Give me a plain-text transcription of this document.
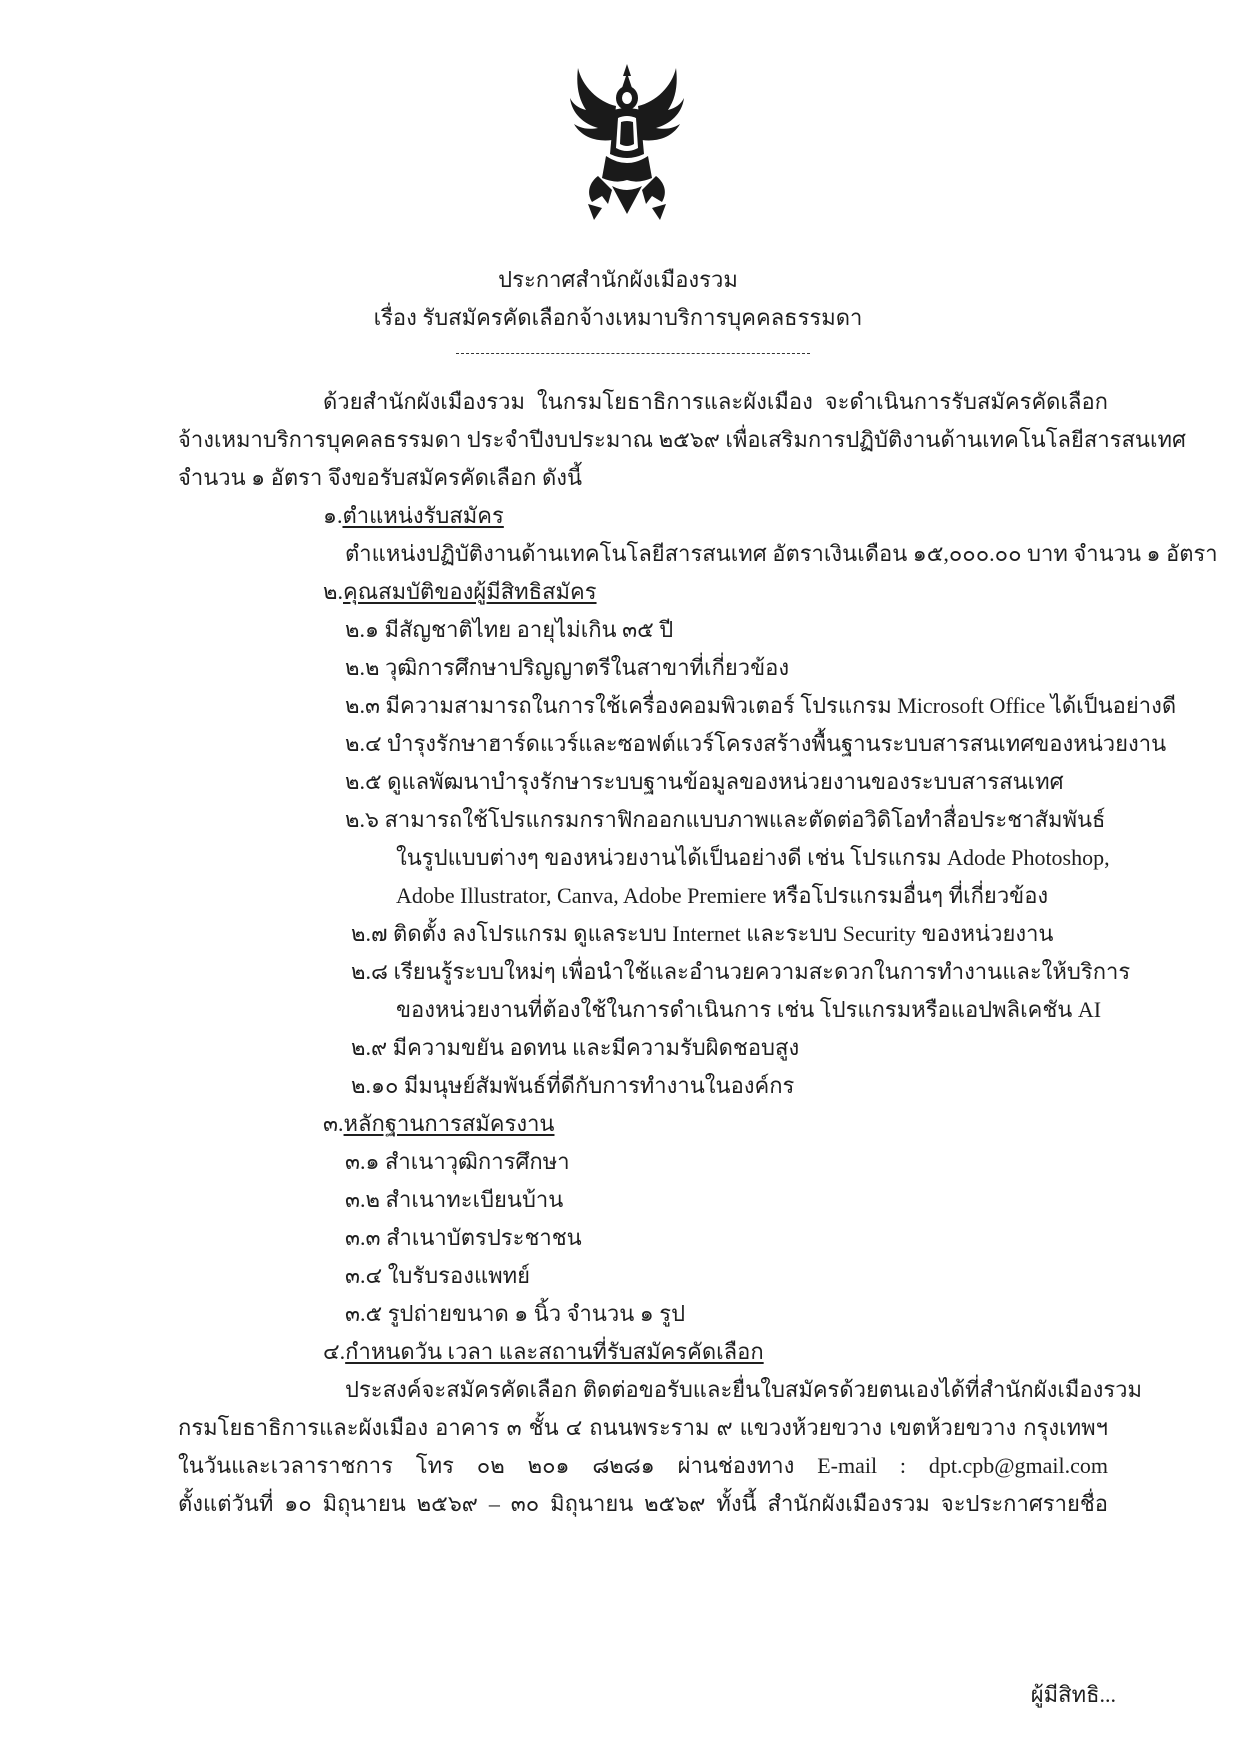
ประกาศสำนักผังเมืองรวม
เรื่อง รับสมัครคัดเลือกจ้างเหมาบริการบุคคลธรรมดา
ด้วยสำนักผังเมืองรวม ในกรมโยธาธิการและผังเมือง จะดำเนินการรับสมัครคัดเลือก
จ้างเหมาบริการบุคคลธรรมดา ประจำปีงบประมาณ ๒๕๖๙ เพื่อเสริมการปฏิบัติงานด้านเทคโนโลยีสารสนเทศ
จำนวน ๑ อัตรา จึงขอรับสมัครคัดเลือก ดังนี้
๑.ตำแหน่งรับสมัคร
ตำแหน่งปฏิบัติงานด้านเทคโนโลยีสารสนเทศ อัตราเงินเดือน ๑๕,๐๐๐.๐๐ บาท จำนวน ๑ อัตรา
๒.คุณสมบัติของผู้มีสิทธิสมัคร
๒.๑ มีสัญชาติไทย อายุไม่เกิน ๓๕ ปี
๒.๒ วุฒิการศึกษาปริญญาตรีในสาขาที่เกี่ยวข้อง
๒.๓ มีความสามารถในการใช้เครื่องคอมพิวเตอร์ โปรแกรม Microsoft Office ได้เป็นอย่างดี
๒.๔ บำรุงรักษาฮาร์ดแวร์และซอฟต์แวร์โครงสร้างพื้นฐานระบบสารสนเทศของหน่วยงาน
๒.๕ ดูแลพัฒนาบำรุงรักษาระบบฐานข้อมูลของหน่วยงานของระบบสารสนเทศ
๒.๖ สามารถใช้โปรแกรมกราฟิกออกแบบภาพและตัดต่อวิดิโอทำสื่อประชาสัมพันธ์
ในรูปแบบต่างๆ ของหน่วยงานได้เป็นอย่างดี เช่น โปรแกรม Adode Photoshop,
Adobe Illustrator, Canva, Adobe Premiere หรือโปรแกรมอื่นๆ ที่เกี่ยวข้อง
๒.๗ ติดตั้ง ลงโปรแกรม ดูแลระบบ Internet และระบบ Security ของหน่วยงาน
๒.๘ เรียนรู้ระบบใหม่ๆ เพื่อนำใช้และอำนวยความสะดวกในการทำงานและให้บริการ
ของหน่วยงานที่ต้องใช้ในการดำเนินการ เช่น โปรแกรมหรือแอปพลิเคชัน AI
๒.๙ มีความขยัน อดทน และมีความรับผิดชอบสูง
๒.๑๐ มีมนุษย์สัมพันธ์ที่ดีกับการทำงานในองค์กร
๓.หลักฐานการสมัครงาน
๓.๑ สำเนาวุฒิการศึกษา
๓.๒ สำเนาทะเบียนบ้าน
๓.๓ สำเนาบัตรประชาชน
๓.๔ ใบรับรองแพทย์
๓.๕ รูปถ่ายขนาด ๑ นิ้ว จำนวน ๑ รูป
๔.กำหนดวัน เวลา และสถานที่รับสมัครคัดเลือก
ประสงค์จะสมัครคัดเลือก ติดต่อขอรับและยื่นใบสมัครด้วยตนเองได้ที่สำนักผังเมืองรวม
กรมโยธาธิการและผังเมือง อาคาร ๓ ชั้น ๔ ถนนพระราม ๙ แขวงห้วยขวาง เขตห้วยขวาง กรุงเทพฯ
ในวันและเวลาราชการ โทร ๐๒ ๒๐๑ ๘๒๘๑ ผ่านช่องทาง E-mail : dpt.cpb@gmail.com
ตั้งแต่วันที่ ๑๐ มิถุนายน ๒๕๖๙ – ๓๐ มิถุนายน ๒๕๖๙ ทั้งนี้ สำนักผังเมืองรวม จะประกาศรายชื่อ
ผู้มีสิทธิ...
